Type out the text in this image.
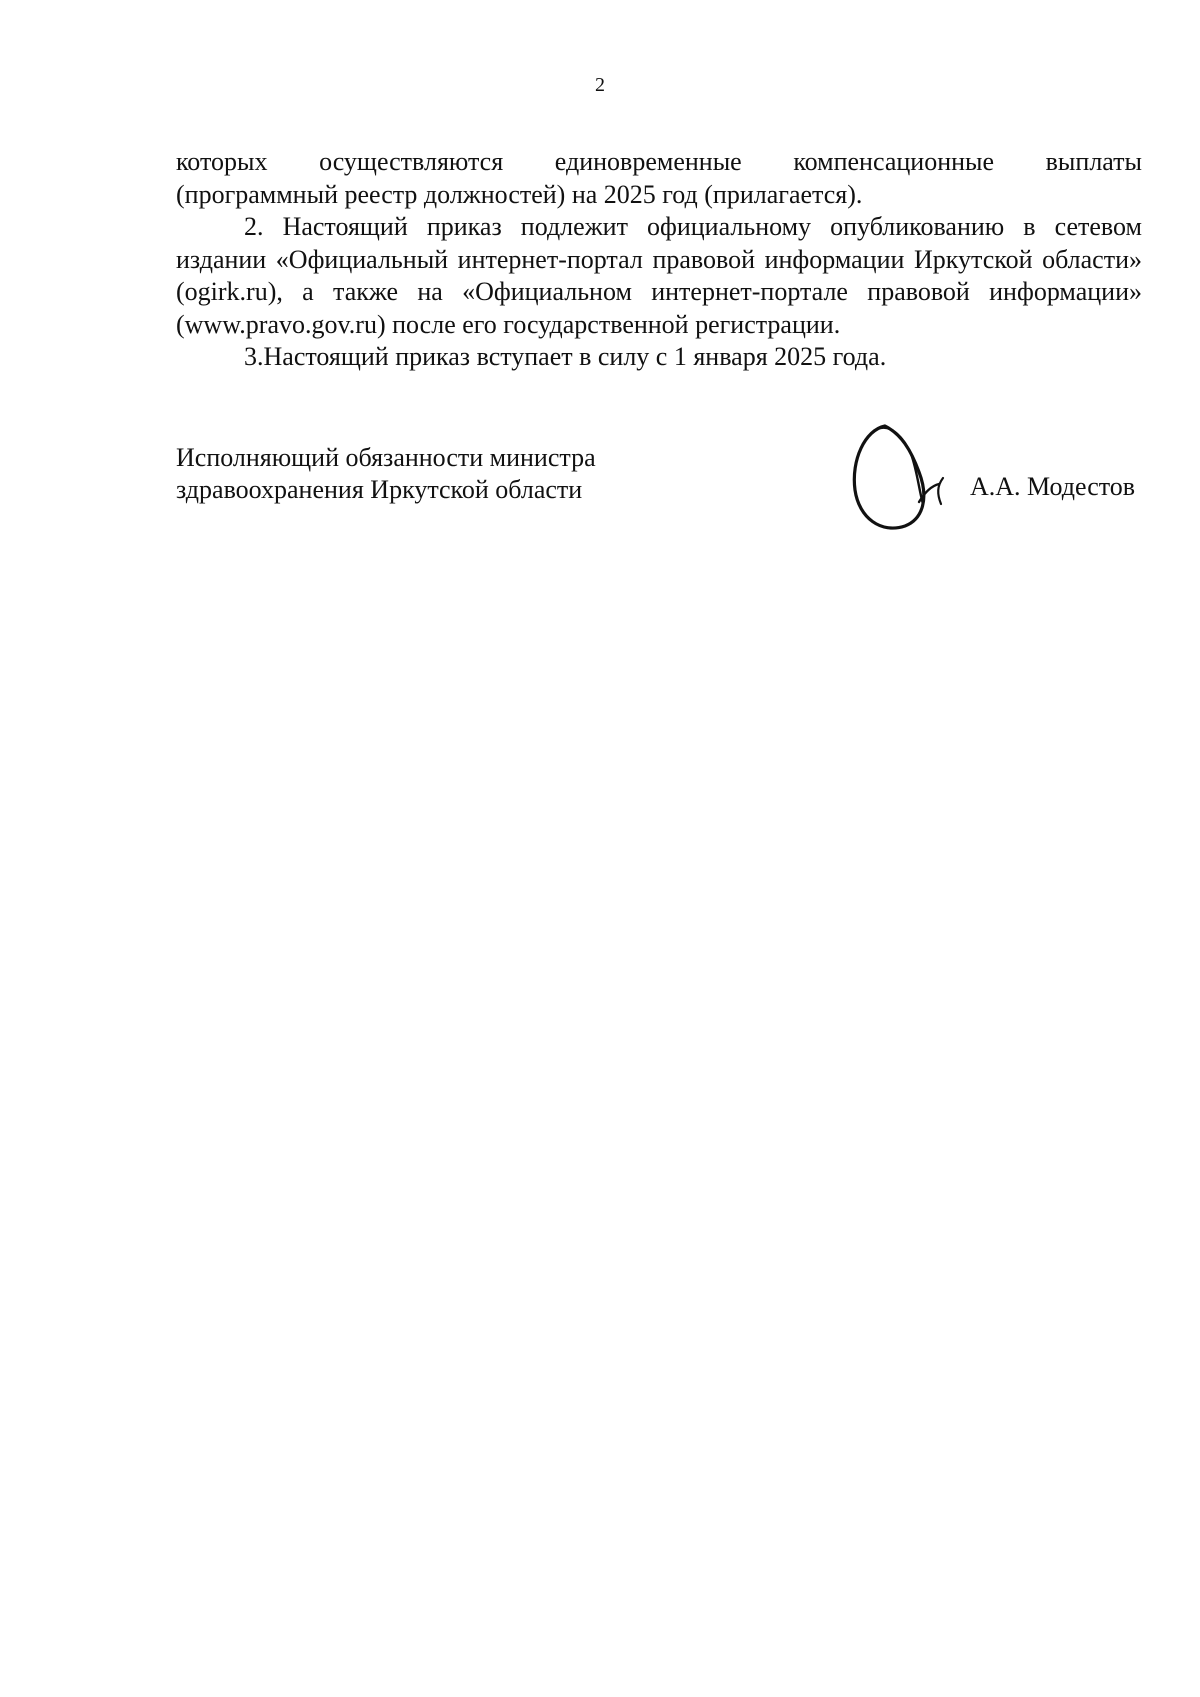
2

которых осуществляются единовременные компенсационные выплаты
(программный реестр должностей) на 2025 год (прилагается).

2. Настоящий приказ подлежит официальному опубликованию в сетевом издании «Официальный интернет-портал правовой информации Иркутской области» (ogirk.ru), а также на «Официальном интернет-портале правовой информации» (www.pravo.gov.ru) после его государственной регистрации.

3.Настоящий приказ вступает в силу с 1 января 2025 года.

Исполняющий обязанности министра
здравоохранения Иркутской области	А.А. Модестов
